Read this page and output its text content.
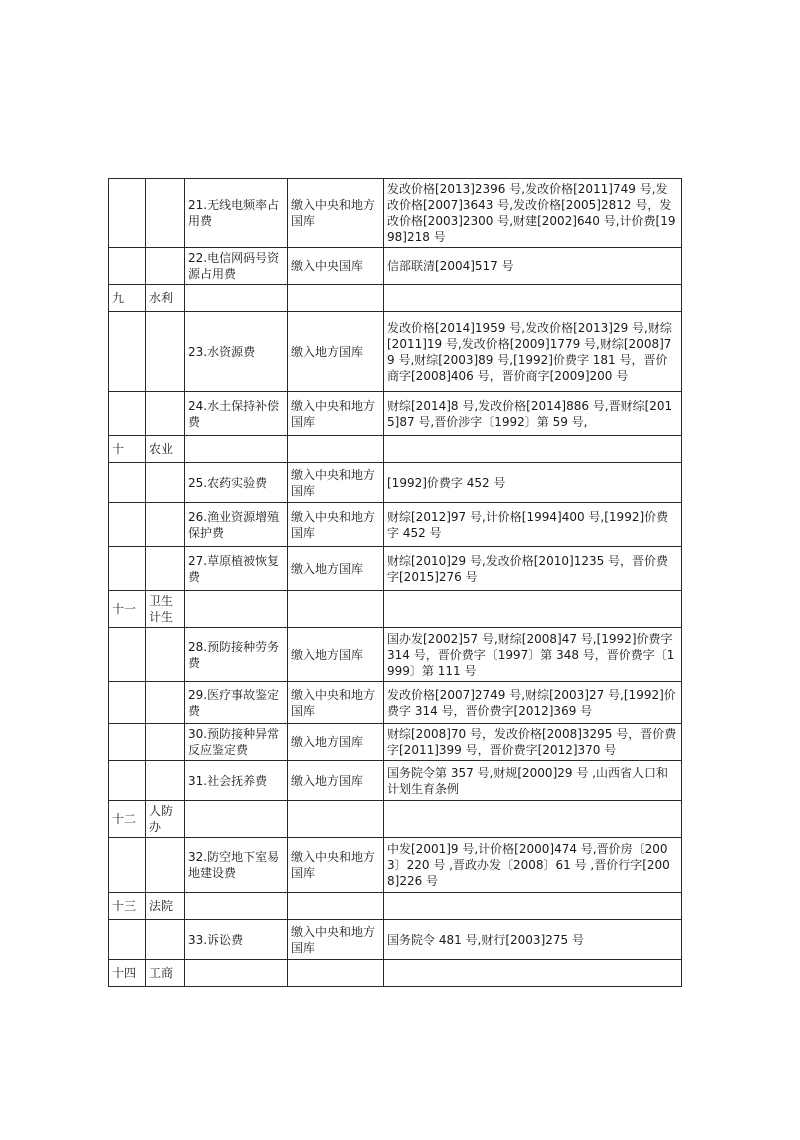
		21.无线电频率占用费	缴入中央和地方国库	发改价格[2013]2396 号,发改价格[2011]749 号,发改价格[2007]3643 号,发改价格[2005]2812 号，发改价格[2003]2300 号,财建[2002]640 号,计价费[1998]218 号
		22.电信网码号资源占用费	缴入中央国库	信部联清[2004]517 号
九	水利			
		23.水资源费	缴入地方国库	发改价格[2014]1959 号,发改价格[2013]29 号,财综[2011]19 号,发改价格[2009]1779 号,财综[2008]79 号,财综[2003]89 号,[1992]价费字 181 号，晋价商字[2008]406 号，晋价商字[2009]200 号
		24.水土保持补偿费	缴入中央和地方国库	财综[2014]8 号,发改价格[2014]886 号,晋财综[2015]87 号,晋价涉字〔1992〕第 59 号,
十	农业			
		25.农药实验费	缴入中央和地方国库	[1992]价费字 452 号
		26.渔业资源增殖保护费	缴入中央和地方国库	财综[2012]97 号,计价格[1994]400 号,[1992]价费字 452 号
		27.草原植被恢复费	缴入地方国库	财综[2010]29 号,发改价格[2010]1235 号，晋价费字[2015]276 号
十一	卫生计生			
		28.预防接种劳务费	缴入地方国库	国办发[2002]57 号,财综[2008]47 号,[1992]价费字 314 号，晋价费字〔1997〕第 348 号，晋价费字〔1999〕第 111 号
		29.医疗事故鉴定费	缴入中央和地方国库	发改价格[2007]2749 号,财综[2003]27 号,[1992]价费字 314 号，晋价费字[2012]369 号
		30.预防接种异常反应鉴定费	缴入地方国库	财综[2008]70 号，发改价格[2008]3295 号，晋价费字[2011]399 号，晋价费字[2012]370 号
		31.社会抚养费	缴入地方国库	国务院令第 357 号,财规[2000]29 号 ,山西省人口和计划生育条例
十二	人防办			
		32.防空地下室易地建设费	缴入中央和地方国库	中发[2001]9 号,计价格[2000]474 号,晋价房〔2003〕220 号 ,晋政办发〔2008〕61 号 ,晋价行字[2008]226 号
十三	法院			
		33.诉讼费	缴入中央和地方国库	国务院令 481 号,财行[2003]275 号
十四	工商			
